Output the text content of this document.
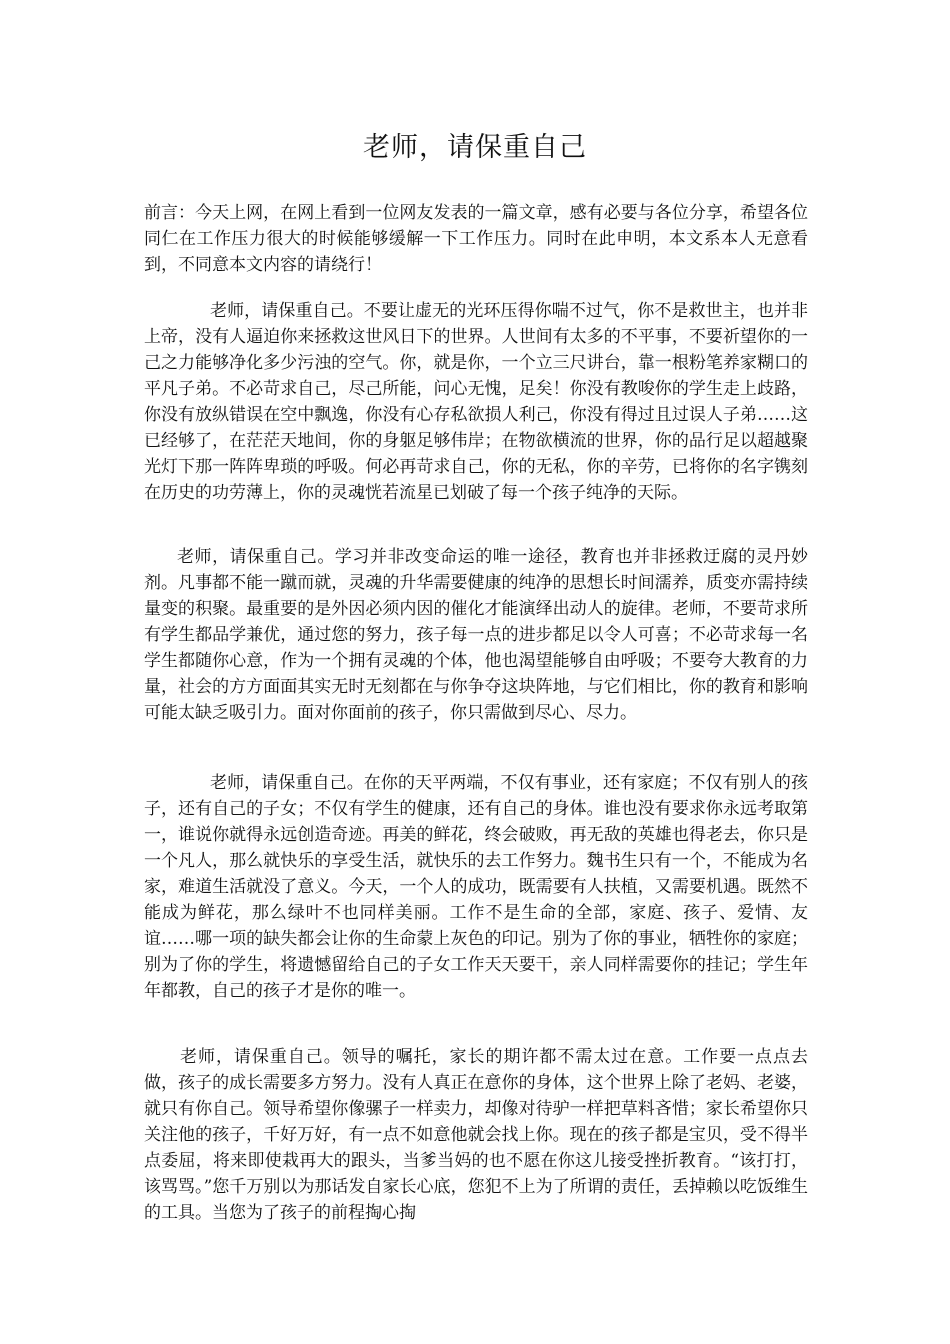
老师，请保重自己

前言：今天上网，在网上看到一位网友发表的一篇文章，感有必要与各位分享，希望各位同仁在工作压力很大的时候能够缓解一下工作压力。同时在此申明，本文系本人无意看到，不同意本文内容的请绕行！

老师，请保重自己。不要让虚无的光环压得你喘不过气，你不是救世主，也并非上帝，没有人逼迫你来拯救这世风日下的世界。人世间有太多的不平事，不要祈望你的一己之力能够净化多少污浊的空气。你，就是你，一个立三尺讲台，靠一根粉笔养家糊口的平凡子弟。不必苛求自己，尽己所能，问心无愧，足矣！你没有教唆你的学生走上歧路，你没有放纵错误在空中飘逸，你没有心存私欲损人利己，你没有得过且过误人子弟……这已经够了，在茫茫天地间，你的身躯足够伟岸；在物欲横流的世界，你的品行足以超越聚光灯下那一阵阵卑琐的呼吸。何必再苛求自己，你的无私，你的辛劳，已将你的名字镌刻在历史的功劳薄上，你的灵魂恍若流星已划破了每一个孩子纯净的天际。

老师，请保重自己。学习并非改变命运的唯一途径，教育也并非拯救迂腐的灵丹妙剂。凡事都不能一蹴而就，灵魂的升华需要健康的纯净的思想长时间濡养，质变亦需持续量变的积聚。最重要的是外因必须内因的催化才能演绎出动人的旋律。老师，不要苛求所有学生都品学兼优，通过您的努力，孩子每一点的进步都足以令人可喜；不必苛求每一名学生都随你心意，作为一个拥有灵魂的个体，他也渴望能够自由呼吸；不要夸大教育的力量，社会的方方面面其实无时无刻都在与你争夺这块阵地，与它们相比，你的教育和影响可能太缺乏吸引力。面对你面前的孩子，你只需做到尽心、尽力。

老师，请保重自己。在你的天平两端，不仅有事业，还有家庭；不仅有别人的孩子，还有自己的子女；不仅有学生的健康，还有自己的身体。谁也没有要求你永远考取第一，谁说你就得永远创造奇迹。再美的鲜花，终会破败，再无敌的英雄也得老去，你只是一个凡人，那么就快乐的享受生活，就快乐的去工作努力。魏书生只有一个，不能成为名家，难道生活就没了意义。今天，一个人的成功，既需要有人扶植，又需要机遇。既然不能成为鲜花，那么绿叶不也同样美丽。工作不是生命的全部，家庭、孩子、爱情、友谊……哪一项的缺失都会让你的生命蒙上灰色的印记。别为了你的事业，牺牲你的家庭；别为了你的学生，将遗憾留给自己的子女工作天天要干，亲人同样需要你的挂记；学生年年都教，自己的孩子才是你的唯一。

老师，请保重自己。领导的嘱托，家长的期许都不需太过在意。工作要一点点去做，孩子的成长需要多方努力。没有人真正在意你的身体，这个世界上除了老妈、老婆，就只有你自己。领导希望你像骡子一样卖力，却像对待驴一样把草料吝惜；家长希望你只关注他的孩子，千好万好，有一点不如意他就会找上你。现在的孩子都是宝贝，受不得半点委屈，将来即使栽再大的跟头，当爹当妈的也不愿在你这儿接受挫折教育。“该打打，该骂骂。”您千万别以为那话发自家长心底，您犯不上为了所谓的责任，丢掉赖以吃饭维生的工具。当您为了孩子的前程掏心掏
